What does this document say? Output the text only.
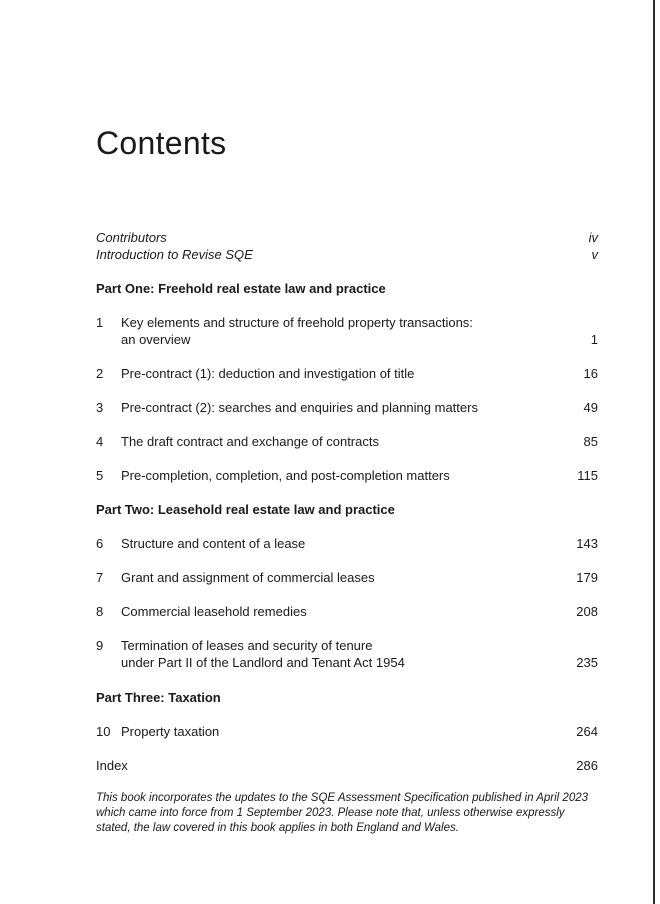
Contents
Contributors	iv
Introduction to Revise SQE	v
Part One: Freehold real estate law and practice
1 Key elements and structure of freehold property transactions:
an overview	1
2 Pre-contract (1): deduction and investigation of title	16
3 Pre-contract (2): searches and enquiries and planning matters	49
4 The draft contract and exchange of contracts	85
5 Pre-completion, completion, and post-completion matters	115
Part Two: Leasehold real estate law and practice
6 Structure and content of a lease	143
7 Grant and assignment of commercial leases	179
8 Commercial leasehold remedies	208
9 Termination of leases and security of tenure
under Part II of the Landlord and Tenant Act 1954	235
Part Three: Taxation
10 Property taxation	264
Index	286

This book incorporates the updates to the SQE Assessment Specification published in April 2023 which came into force from 1 September 2023. Please note that, unless otherwise expressly stated, the law covered in this book applies in both England and Wales.
